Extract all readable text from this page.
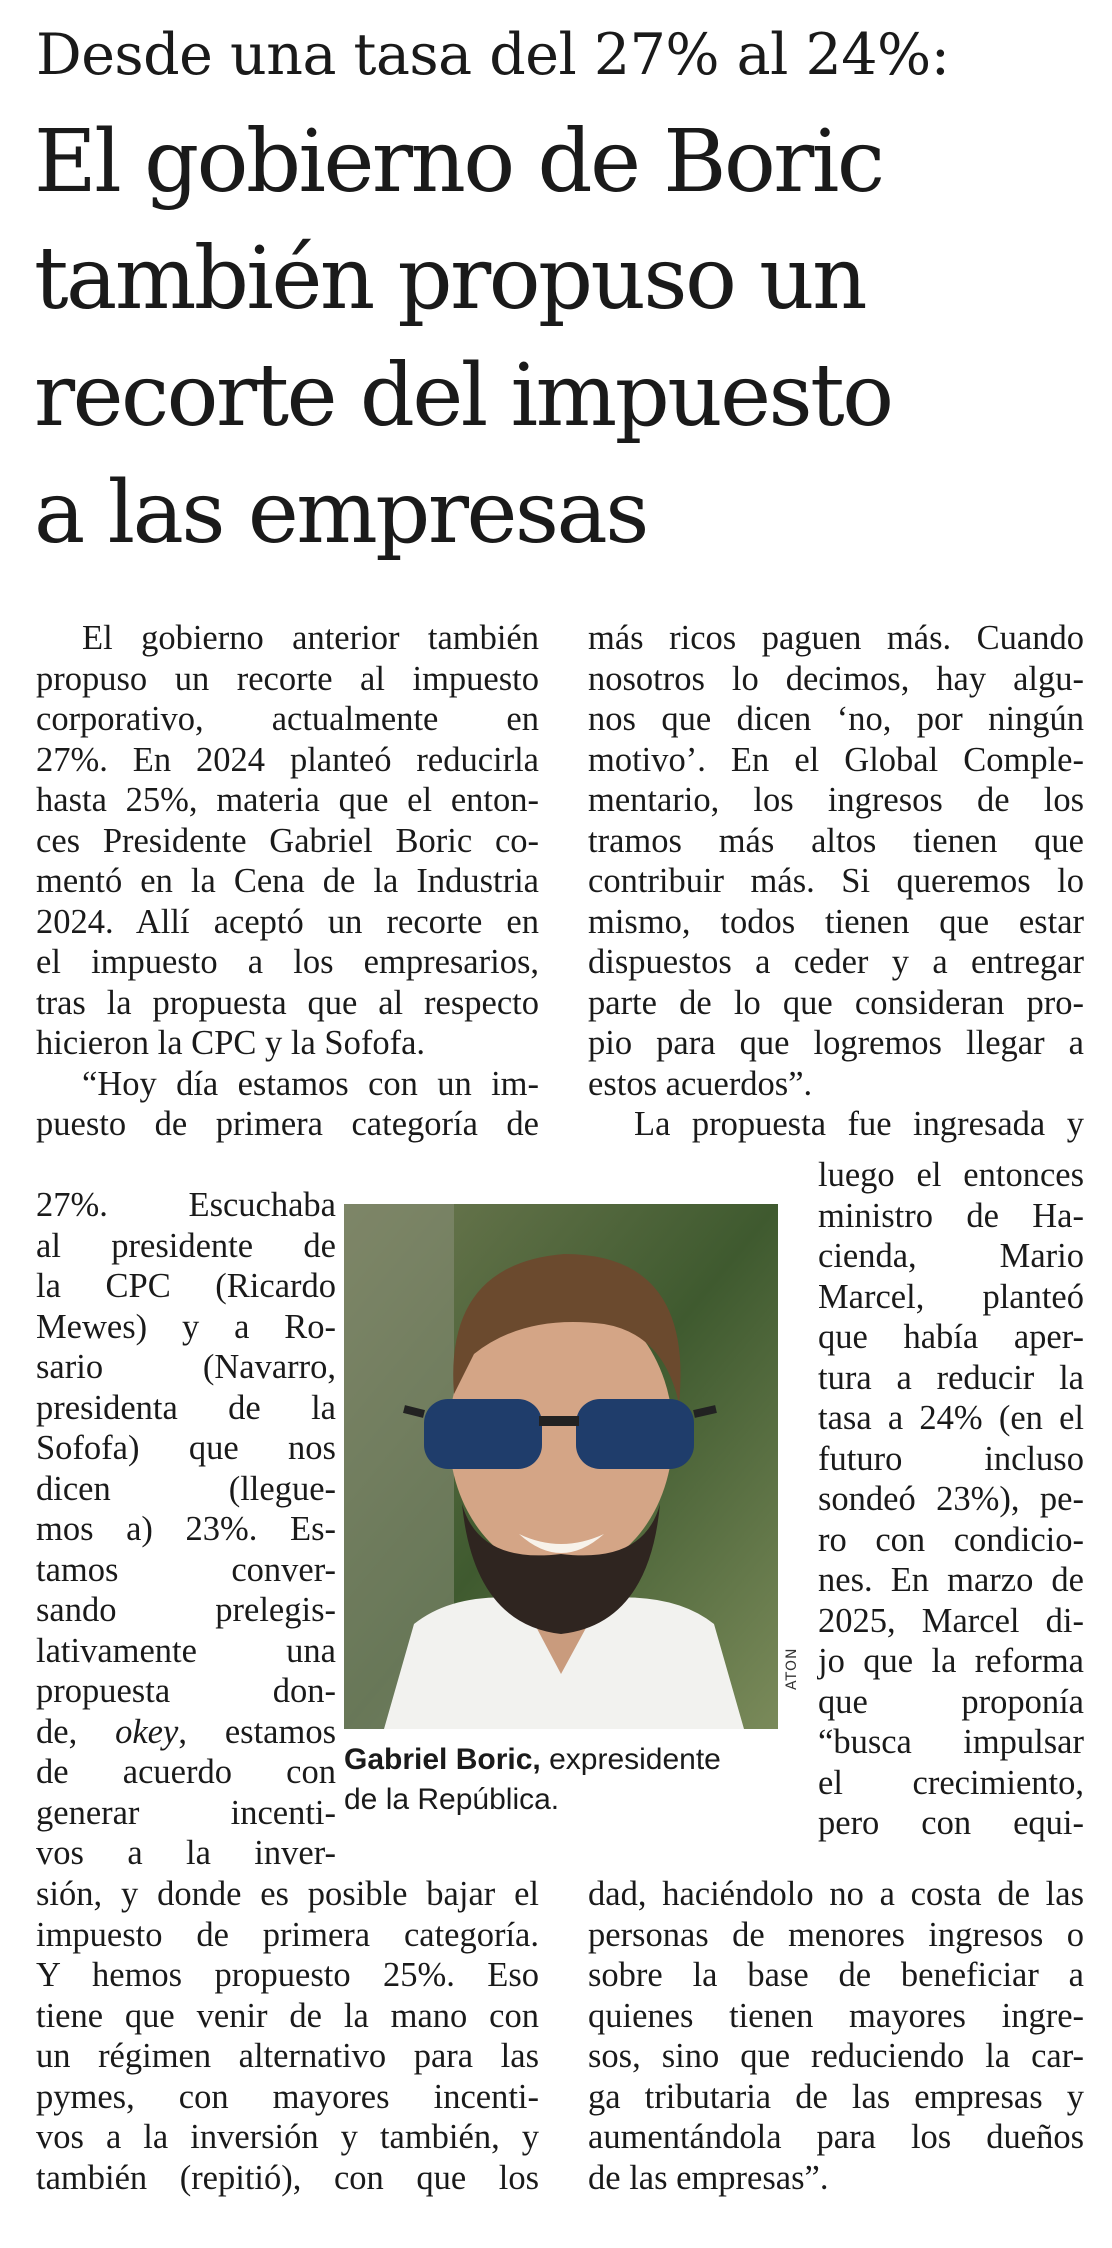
Desde una tasa del 27% al 24%:
El gobierno de Boric
también propuso un
recorte del impuesto
a las empresas
El gobierno anterior también
propuso un recorte al impuesto
corporativo, actualmente en
27%. En 2024 planteó reducirla
hasta 25%, materia que el enton-
ces Presidente Gabriel Boric co-
mentó en la Cena de la Industria
2024. Allí aceptó un recorte en
el impuesto a los empresarios,
tras la propuesta que al respecto
hicieron la CPC y la Sofofa.
“Hoy día estamos con un im-
puesto de primera categoría de
27%. Escuchaba
al presidente de
la CPC (Ricardo
Mewes) y a Ro-
sario (Navarro,
presidenta de la
Sofofa) que nos
dicen (llegue-
mos a) 23%. Es-
tamos conver-
sando prelegis-
lativamente una
propuesta don-
de, okey, estamos
de acuerdo con
generar incenti-
vos a la inver-
sión, y donde es posible bajar el
impuesto de primera categoría.
Y hemos propuesto 25%. Eso
tiene que venir de la mano con
un régimen alternativo para las
pymes, con mayores incenti-
vos a la inversión y también, y
también (repitió), con que los
más ricos paguen más. Cuando
nosotros lo decimos, hay algu-
nos que dicen ‘no, por ningún
motivo’. En el Global Comple-
mentario, los ingresos de los
tramos más altos tienen que
contribuir más. Si queremos lo
mismo, todos tienen que estar
dispuestos a ceder y a entregar
parte de lo que consideran pro-
pio para que logremos llegar a
estos acuerdos”.
La propuesta fue ingresada y
luego el entonces
ministro de Ha-
cienda, Mario
Marcel, planteó
que había aper-
tura a reducir la
tasa a 24% (en el
futuro incluso
sondeó 23%), pe-
ro con condicio-
nes. En marzo de
2025, Marcel di-
jo que la reforma
que proponía
“busca impulsar
el crecimiento,
pero con equi-
dad, haciéndolo no a costa de las
personas de menores ingresos o
sobre la base de beneficiar a
quienes tienen mayores ingre-
sos, sino que reduciendo la car-
ga tributaria de las empresas y
aumentándola para los dueños
de las empresas”.
ATON
Gabriel Boric, expresidente
de la República.
